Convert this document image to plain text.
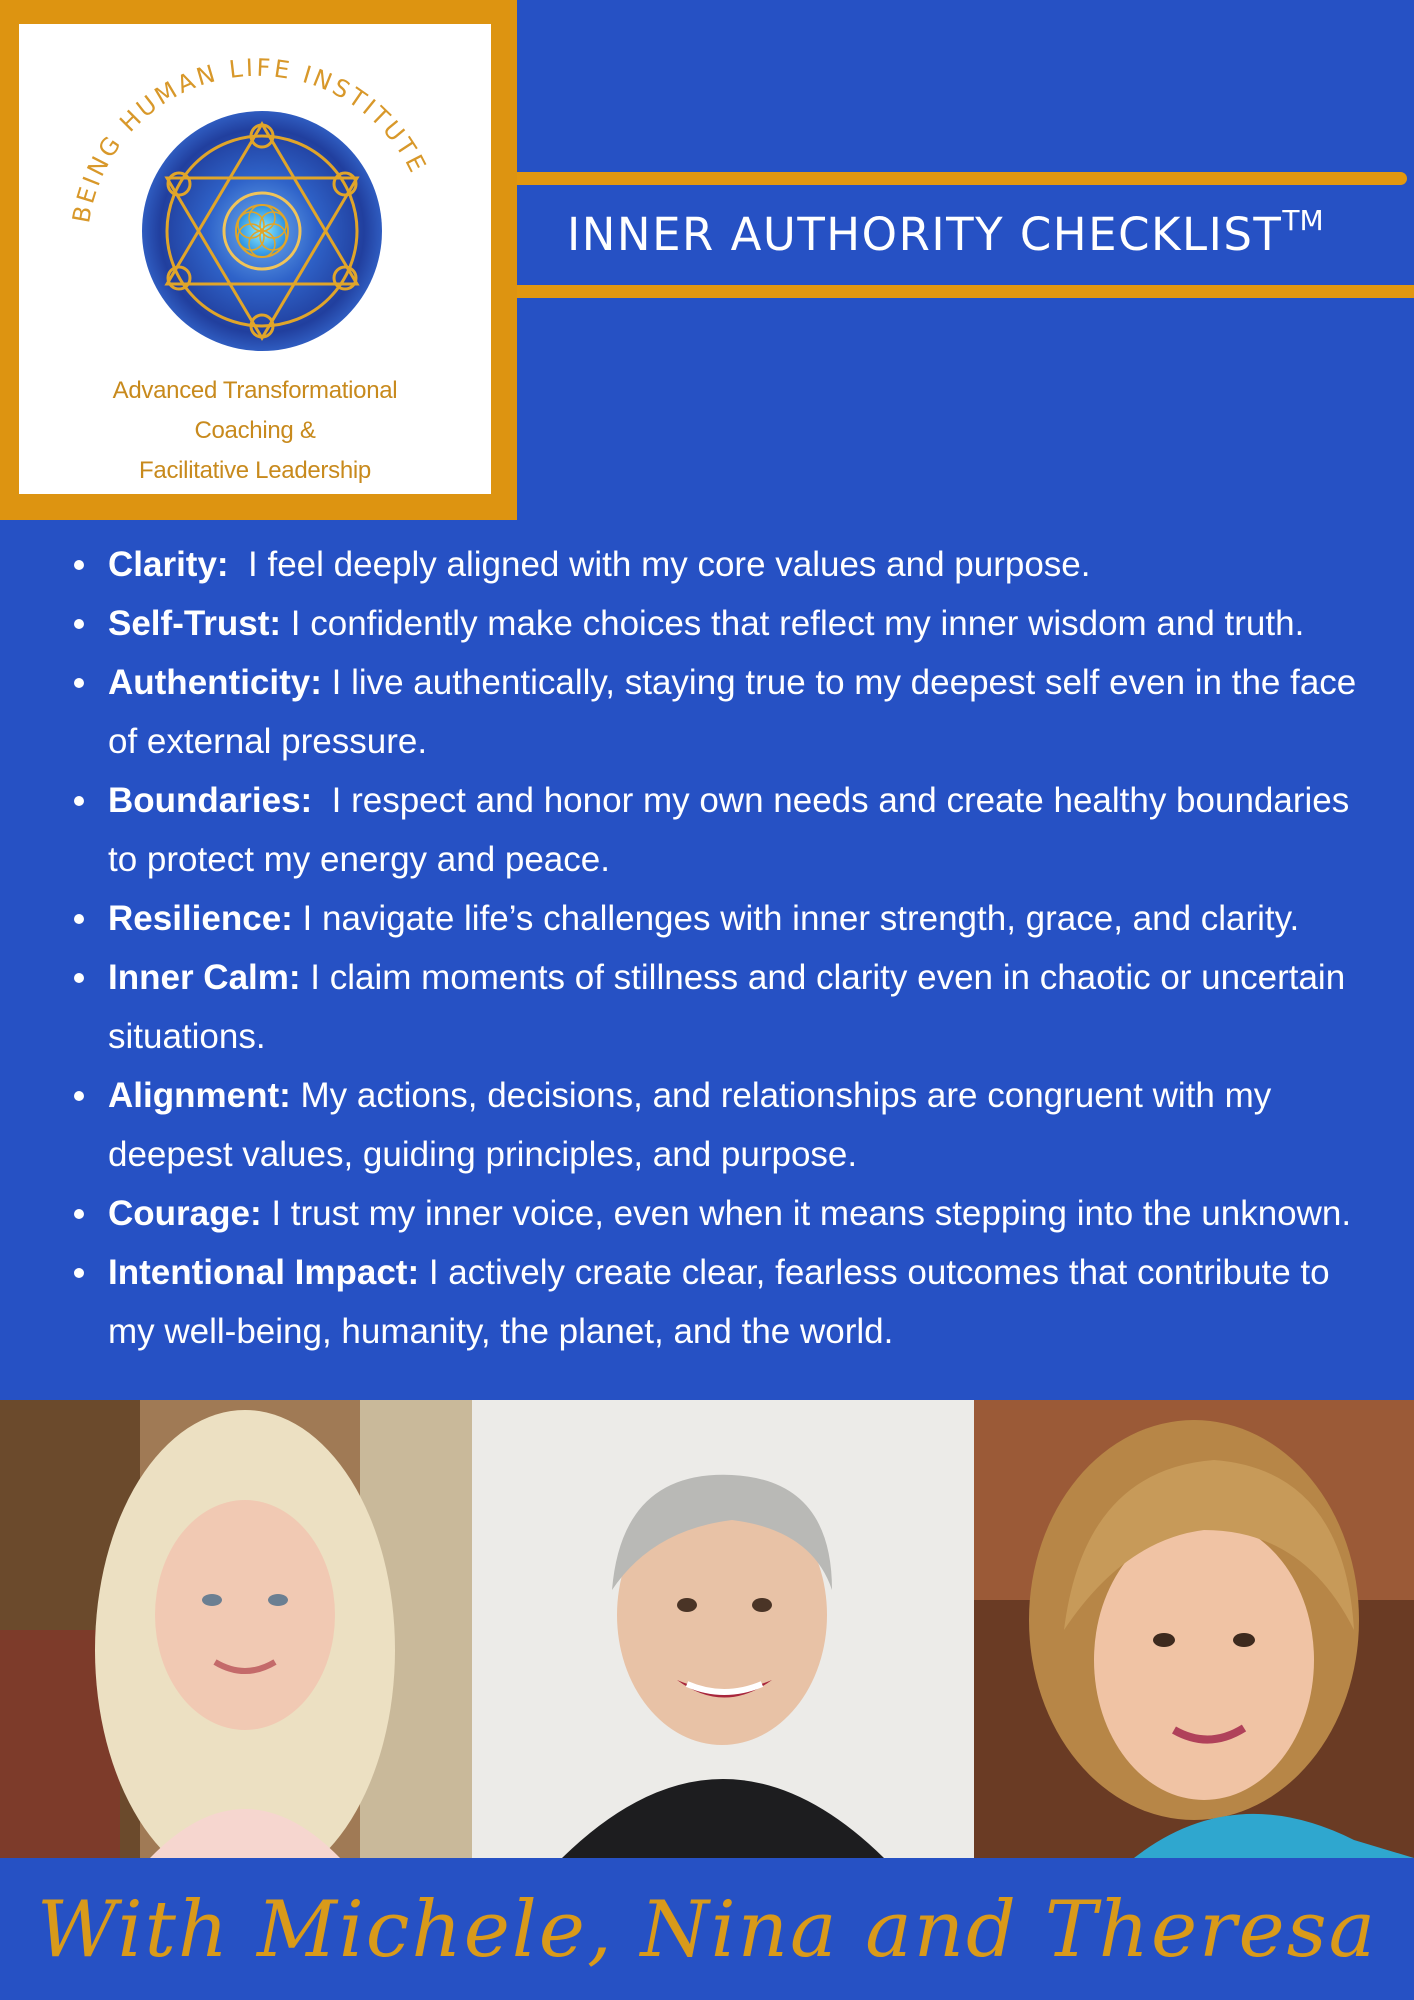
BEING HUMAN LIFE INSTITUTE
Advanced Transformational
Coaching &
Facilitative Leadership
INNER AUTHORITY CHECKLIST™
Clarity:  I feel deeply aligned with my core values and purpose.
Self-Trust: I confidently make choices that reflect my inner wisdom and truth.
Authenticity: I live authentically, staying true to my deepest self even in the face of external pressure.
Boundaries:  I respect and honor my own needs and create healthy boundaries to protect my energy and peace.
Resilience: I navigate life’s challenges with inner strength, grace, and clarity.
Inner Calm: I claim moments of stillness and clarity even in chaotic or uncertain situations.
Alignment: My actions, decisions, and relationships are congruent with my deepest values, guiding principles, and purpose.
Courage: I trust my inner voice, even when it means stepping into the unknown.
Intentional Impact: I actively create clear, fearless outcomes that contribute to my well-being, humanity, the planet, and the world.
With Michele, Nina and Theresa
